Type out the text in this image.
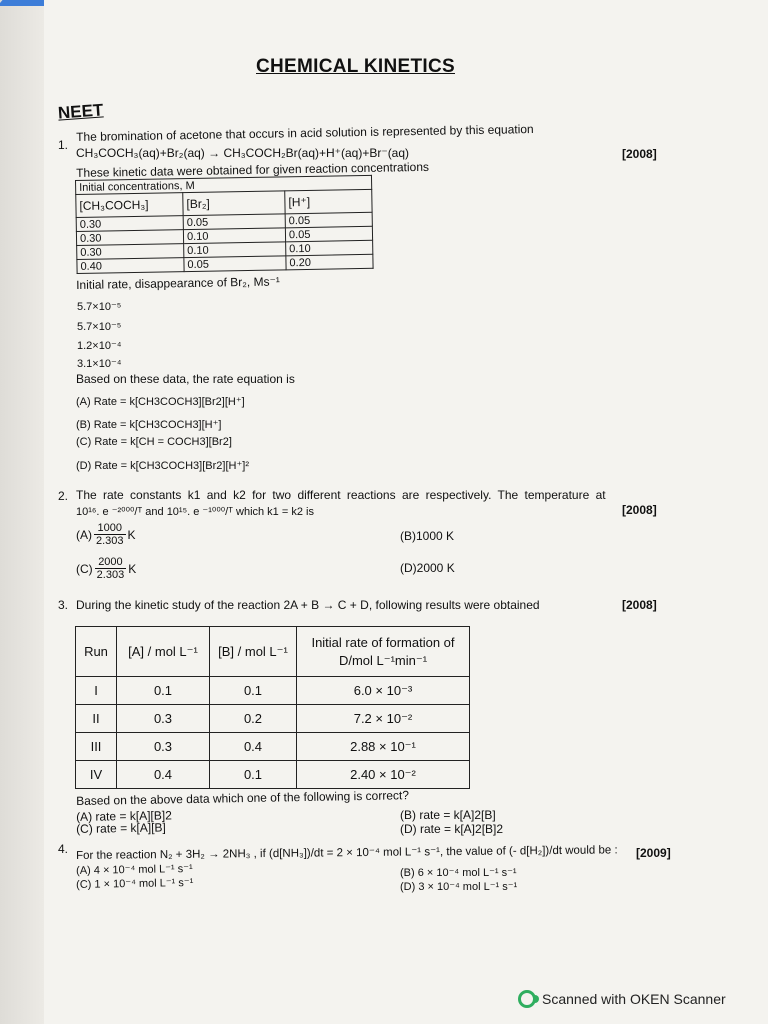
CHEMICAL KINETICS
NEET
1.
The bromination of acetone that occurs in acid solution is represented by this equation
CH₃COCH₃(aq)+Br₂(aq) → CH₃COCH₂Br(aq)+H⁺(aq)+Br⁻(aq)	[2008]
These kinetic data were obtained for given reaction concentrations
Initial concentrations, M		
[CH₃COCH₃]	[Br₂]	[H⁺]
0.30	0.05	0.05
0.30	0.10	0.05
0.30	0.10	0.10
0.40	0.05	0.20
Initial rate, disappearance of Br₂, Ms⁻¹
5.7×10⁻⁵
5.7×10⁻⁵
1.2×10⁻⁴
3.1×10⁻⁴
Based on these data, the rate equation is
(A) Rate = k[CH3COCH3][Br2][H⁺]
(B) Rate = k[CH3COCH3][H⁺]
(C) Rate = k[CH = COCH3][Br2]
(D) Rate = k[CH3COCH3][Br2][H⁺]²
2. The rate constants k1 and k2 for two different reactions are respectively. The temperature at
10¹⁶. e ⁻²⁰⁰⁰/ᵀ and 10¹⁵. e ⁻¹⁰⁰⁰/ᵀ which k1 = k2 is	[2008]
$(A) \frac{1000}{2.303}$ K	(B)1000 K
$(C) \frac{2000}{2.303}$ K	(D)2000 K
3. During the kinetic study of the reaction 2A + B → C + D, following results were obtained	[2008]
Run	[A] / mol L⁻¹	[B] / mol L⁻¹	Initial rate of formation of D/mol L⁻¹min⁻¹
I	0.1	0.1	6.0 × 10⁻³
II	0.3	0.2	7.2 × 10⁻²
III	0.3	0.4	2.88 × 10⁻¹
IV	0.4	0.1	2.40 × 10⁻²
Based on the above data which one of the following is correct?
(A) rate = k[A][B]2	(B) rate = k[A]2[B]
(C) rate = k[A][B]	(D) rate = k[A]2[B]2
4. For the reaction N₂ + 3H₂ → 2NH₃ , if (d[NH₃])/dt = 2 × 10⁻⁴ mol L⁻¹ s⁻¹, the value of (- d[H₂])/dt would be : [2009]
(A) 4 × 10⁻⁴ mol L⁻¹ s⁻¹	(B) 6 × 10⁻⁴ mol L⁻¹ s⁻¹
(C) 1 × 10⁻⁴ mol L⁻¹ s⁻¹	(D) 3 × 10⁻⁴ mol L⁻¹ s⁻¹
Scanned with OKEN Scanner
